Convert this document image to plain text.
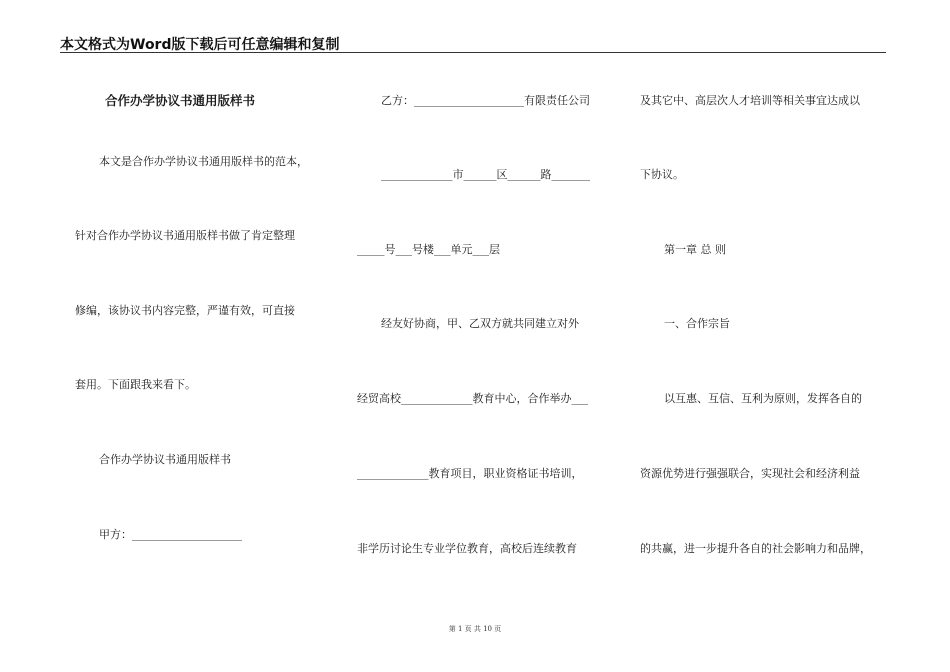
本文格式为Word版下载后可任意编辑和复制
合作办学协议书通用版样书
本文是合作办学协议书通用版样书的范本，
针对合作办学协议书通用版样书做了肯定整理
修编，该协议书内容完整，严谨有效，可直接
套用。下面跟我来看下。
合作办学协议书通用版样书
甲方：____________________
乙方：____________________有限责任公司
_____________市______区______路_______
_____号___号楼___单元___层
经友好协商，甲、乙双方就共同建立对外
经贸高校_____________教育中心，合作举办___
_____________教育项目，职业资格证书培训，
非学历讨论生专业学位教育，高校后连续教育
及其它中、高层次人才培训等相关事宜达成以
下协议。
第一章 总 则
一、合作宗旨
以互惠、互信、互利为原则，发挥各自的
资源优势进行强强联合，实现社会和经济利益
的共赢，进一步提升各自的社会影响力和品牌，
第 1 页 共 10 页
